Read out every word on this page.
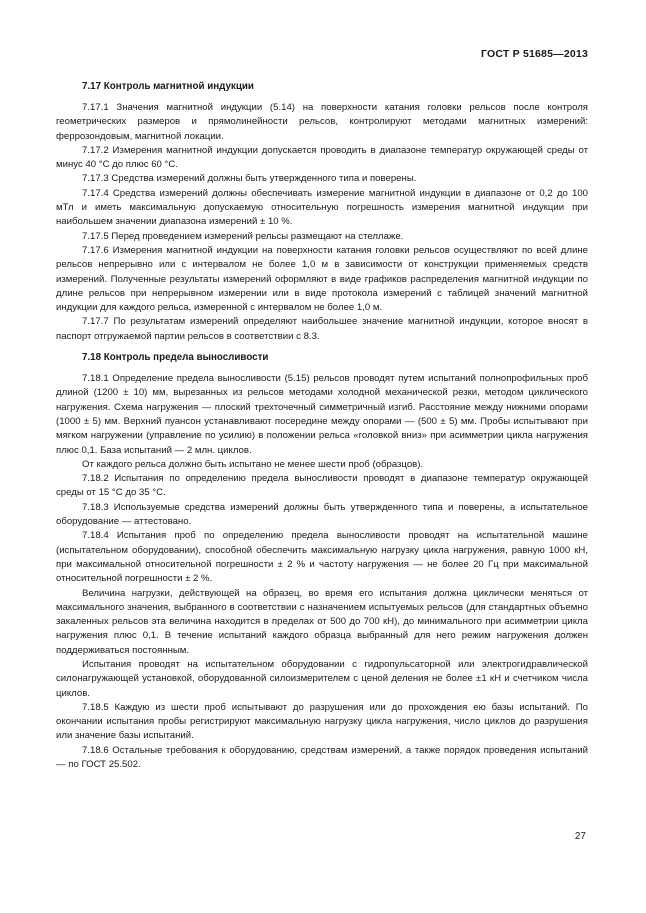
ГОСТ Р 51685—2013
7.17 Контроль магнитной индукции

7.17.1 Значения магнитной индукции (5.14) на поверхности катания головки рельсов после контроля геометрических размеров и прямолинейности рельсов, контролируют методами магнитных измерений: феррозондовым, магнитной локации.

7.17.2 Измерения магнитной индукции допускается проводить в диапазоне температур окружающей среды от минус 40 °С до плюс 60 °С.

7.17.3 Средства измерений должны быть утвержденного типа и поверены.

7.17.4 Средства измерений должны обеспечивать измерение магнитной индукции в диапазоне от 0,2 до 100 мТл и иметь максимальную допускаемую относительную погрешность измерения магнитной индукции при наибольшем значении диапазона измерений ± 10 %.

7.17.5 Перед проведением измерений рельсы размещают на стеллаже.

7.17.6 Измерения магнитной индукции на поверхности катания головки рельсов осуществляют по всей длине рельсов непрерывно или с интервалом не более 1,0 м в зависимости от конструкции применяемых средств измерений. Полученные результаты измерений оформляют в виде графиков распределения магнитной индукции по длине рельсов при непрерывном измерении или в виде протокола измерений с таблицей значений магнитной индукции для каждого рельса, измеренной с интервалом не более 1,0 м.

7.17.7 По результатам измерений определяют наибольшее значение магнитной индукции, которое вносят в паспорт отгружаемой партии рельсов в соответствии с 8.3.

7.18 Контроль предела выносливости

7.18.1 Определение предела выносливости (5.15) рельсов проводят путем испытаний полнопрофильных проб длиной (1200 ± 10) мм, вырезанных из рельсов методами холодной механической резки, методом циклического нагружения. Схема нагружения — плоский трехточечный симметричный изгиб. Расстояние между нижними опорами (1000 ± 5) мм. Верхний пуансон устанавливают посередине между опорами — (500 ± 5) мм. Пробы испытывают при мягком нагружении (управление по усилию) в положении рельса «головкой вниз» при асимметрии цикла нагружения плюс 0,1. База испытаний — 2 млн. циклов.

От каждого рельса должно быть испытано не менее шести проб (образцов).

7.18.2 Испытания по определению предела выносливости проводят в диапазоне температур окружающей среды от 15 °С до 35 °С.

7.18.3 Используемые средства измерений должны быть утвержденного типа и поверены, а испытательное оборудование — аттестовано.

7.18.4 Испытания проб по определению предела выносливости проводят на испытательной машине (испытательном оборудовании), способной обеспечить максимальную нагрузку цикла нагружения, равную 1000 кН, при максимальной относительной погрешности ± 2 % и частоту нагружения — не более 20 Гц при максимальной относительной погрешности ± 2 %.

Величина нагрузки, действующей на образец, во время его испытания должна циклически меняться от максимального значения, выбранного в соответствии с назначением испытуемых рельсов (для стандартных объемно закаленных рельсов эта величина находится в пределах от 500 до 700 кН), до минимального при асимметрии цикла нагружения плюс 0,1. В течение испытаний каждого образца выбранный для него режим нагружения должен поддерживаться постоянным.

Испытания проводят на испытательном оборудовании с гидропульсаторной или электрогидравлической силонагружающей установкой, оборудованной силоизмерителем с ценой деления не более ±1 кН и счетчиком числа циклов.

7.18.5 Каждую из шести проб испытывают до разрушения или до прохождения ею базы испытаний. По окончании испытания пробы регистрируют максимальную нагрузку цикла нагружения, число циклов до разрушения или значение базы испытаний.

7.18.6 Остальные требования к оборудованию, средствам измерений, а также порядок проведения испытаний — по ГОСТ 25.502.

27
